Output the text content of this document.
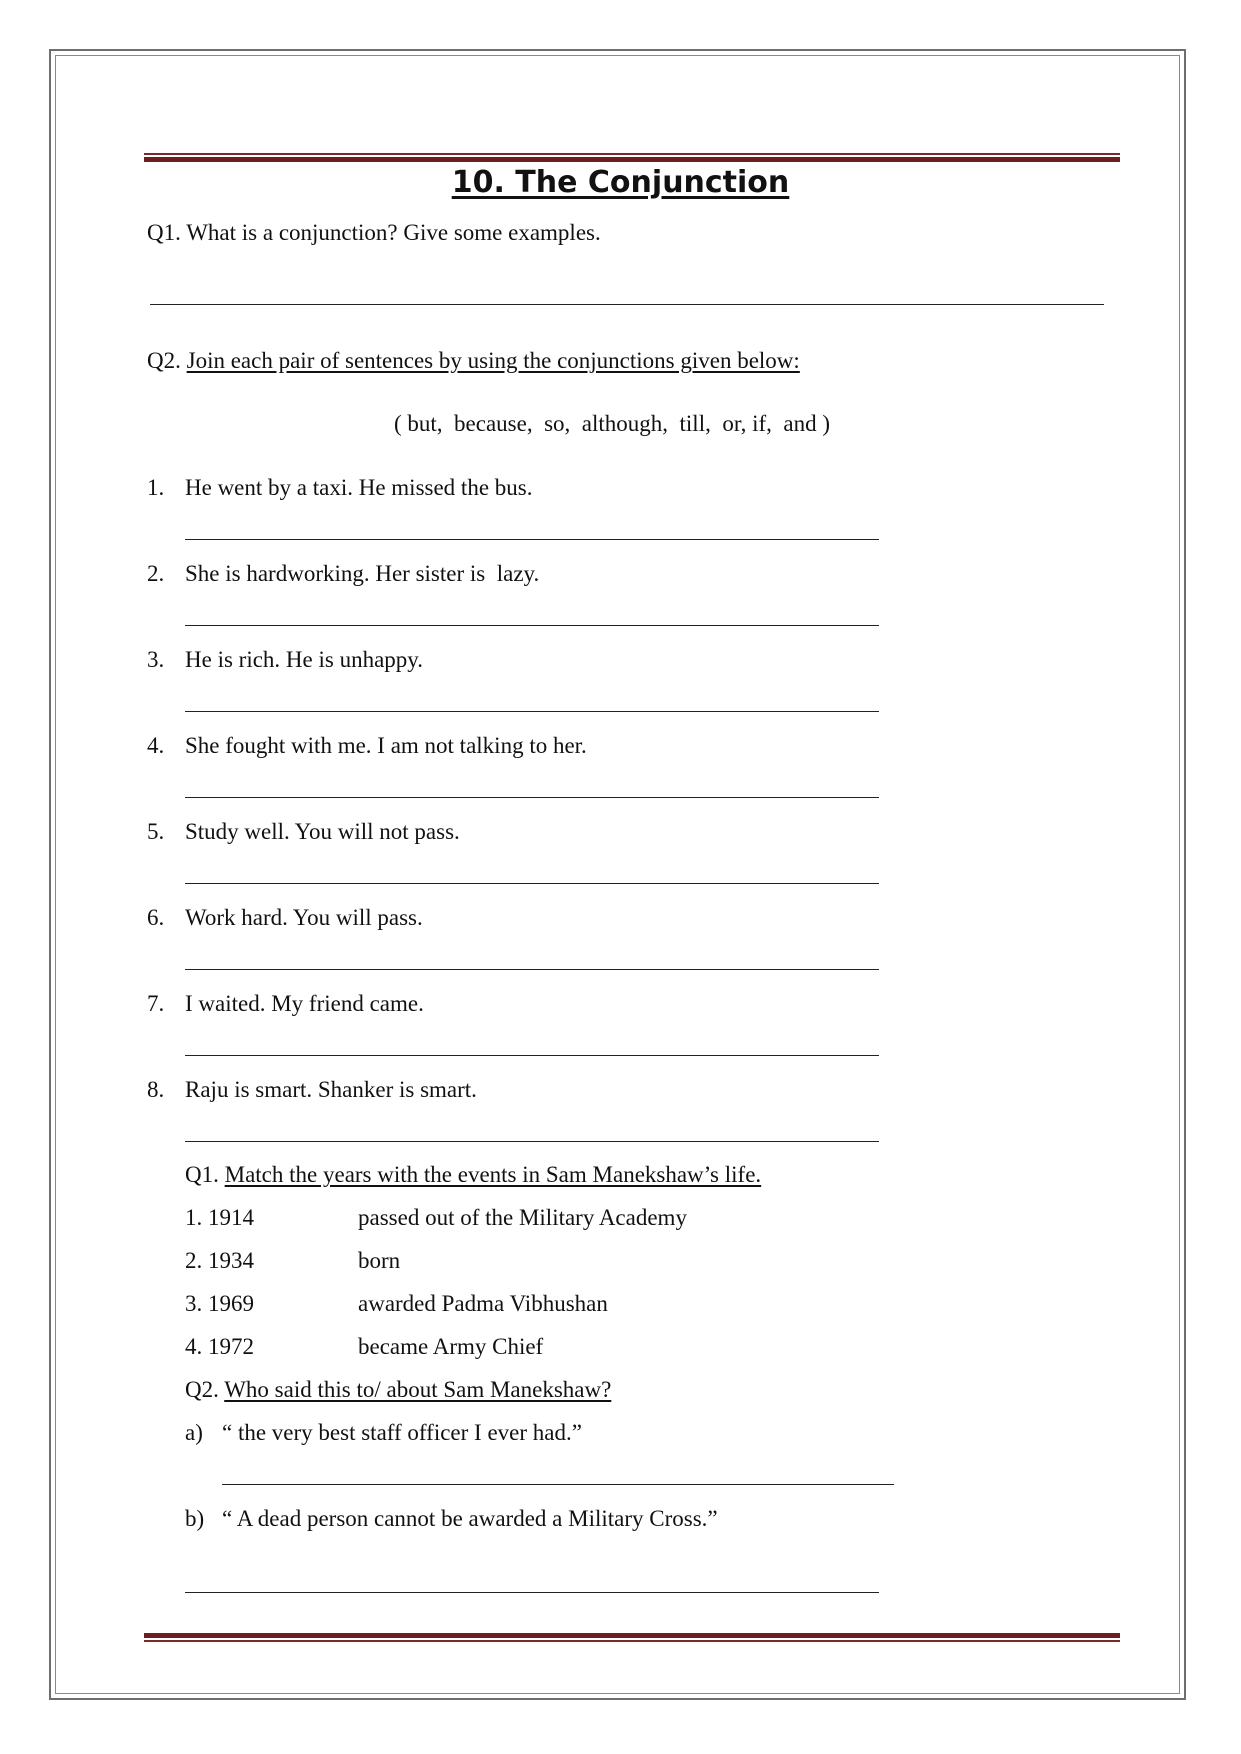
10. The Conjunction
Q1. What is a conjunction? Give some examples.
Q2. Join each pair of sentences by using the conjunctions given below:
( but,  because,  so,  although,  till,  or, if,  and )
1. He went by a taxi. He missed the bus.
2. She is hardworking. Her sister is  lazy.
3. He is rich. He is unhappy.
4. She fought with me. I am not talking to her.
5. Study well. You will not pass.
6. Work hard. You will pass.
7. I waited. My friend came.
8. Raju is smart. Shanker is smart.
Q1. Match the years with the events in Sam Manekshaw’s life.
1. 1914	passed out of the Military Academy
2. 1934	born
3. 1969	awarded Padma Vibhushan
4. 1972	became Army Chief
Q2. Who said this to/ about Sam Manekshaw?
a) “ the very best staff officer I ever had.”
b) “ A dead person cannot be awarded a Military Cross.”
